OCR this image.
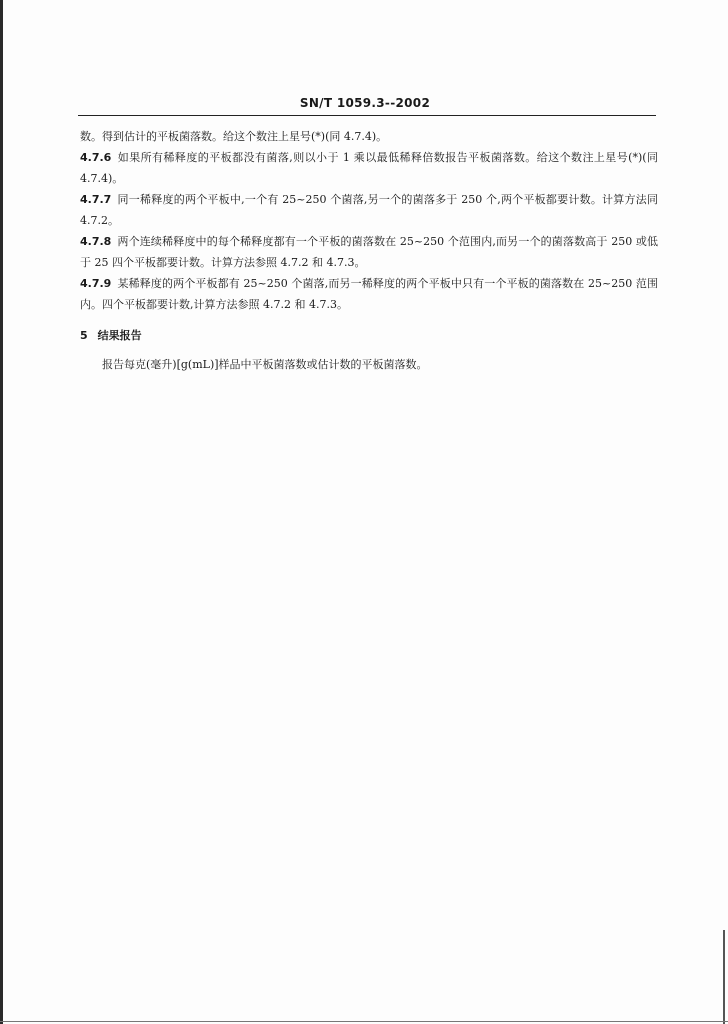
SN/T 1059.3--2002

数。得到估计的平板菌落数。给这个数注上星号(*)(同 4.7.4)。

4.7.6 如果所有稀释度的平板都没有菌落,则以小于 1 乘以最低稀释倍数报告平板菌落数。给这个数注上星号(*)(同 4.7.4)。

4.7.7 同一稀释度的两个平板中,一个有 25~250 个菌落,另一个的菌落多于 250 个,两个平板都要计数。计算方法同 4.7.2。

4.7.8 两个连续稀释度中的每个稀释度都有一个平板的菌落数在 25~250 个范围内,而另一个的菌落数高于 250 或低于 25 四个平板都要计数。计算方法参照 4.7.2 和 4.7.3。

4.7.9 某稀释度的两个平板都有 25~250 个菌落,而另一稀释度的两个平板中只有一个平板的菌落数在 25~250 范围内。四个平板都要计数,计算方法参照 4.7.2 和 4.7.3。

5 结果报告

报告每克(毫升)[g(mL)]样品中平板菌落数或估计数的平板菌落数。
